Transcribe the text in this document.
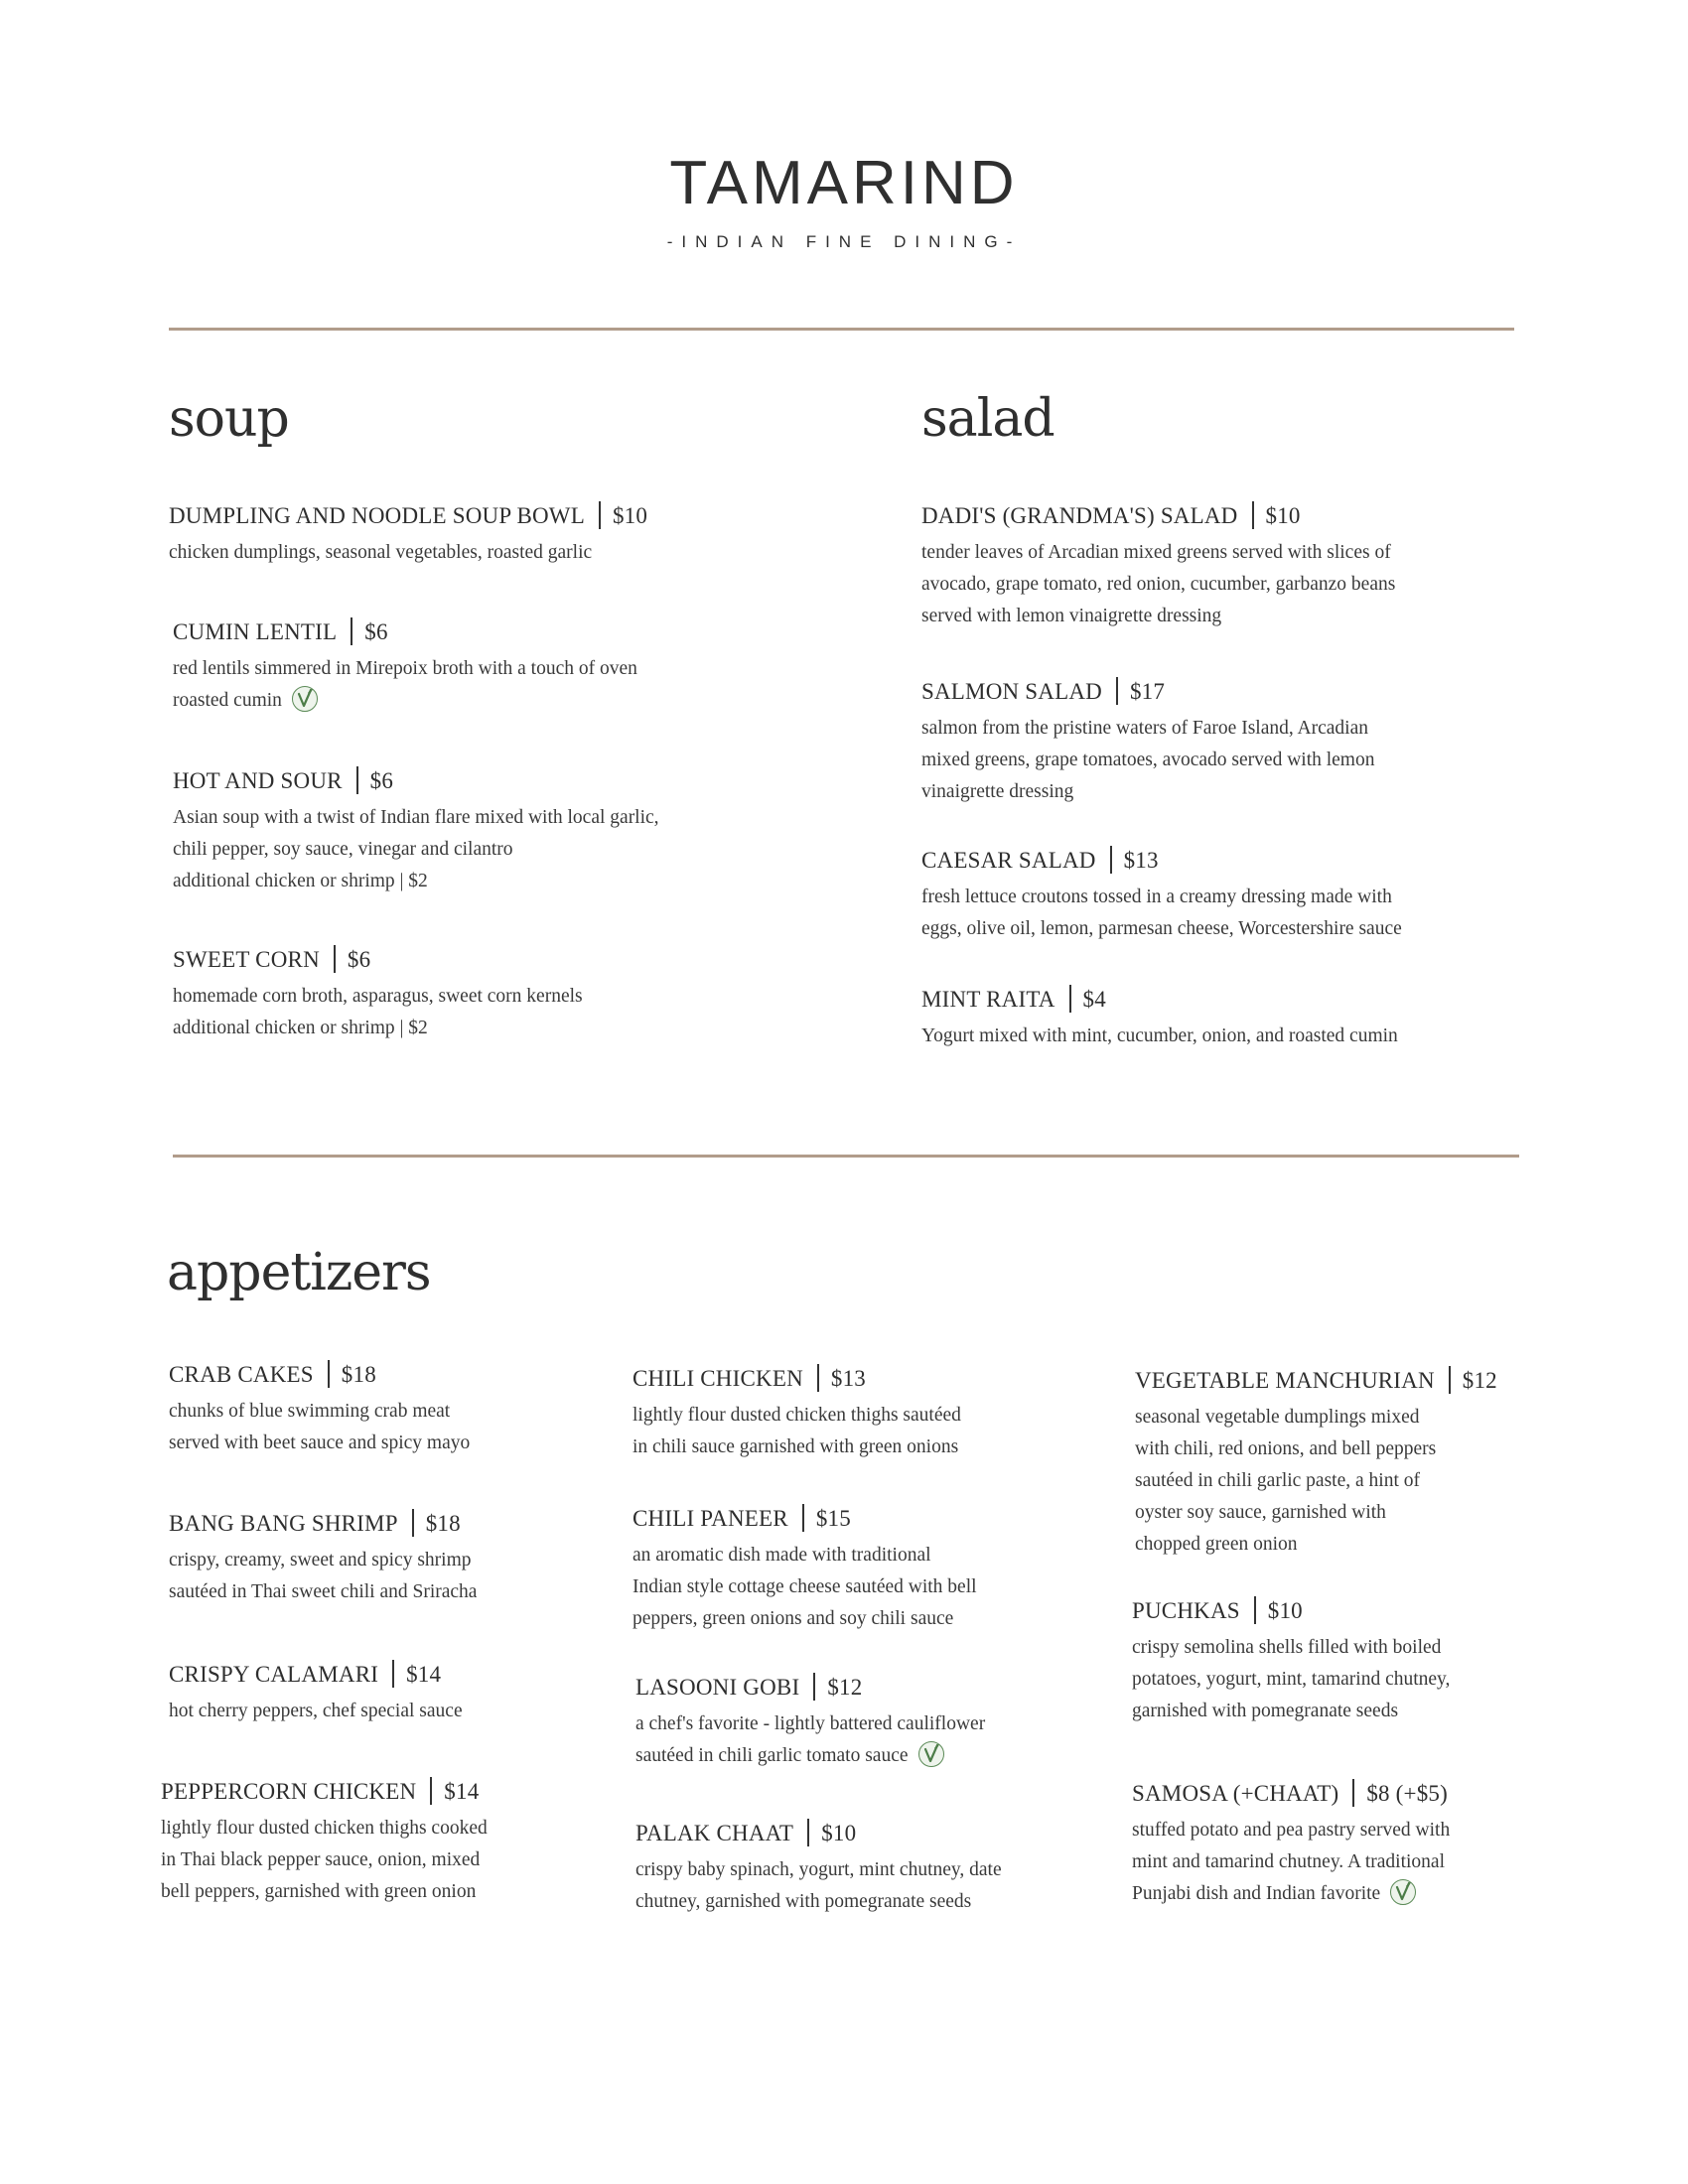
TAMARIND
-INDIAN FINE DINING-
soup
DUMPLING AND NOODLE SOUP BOWL $10
chicken dumplings, seasonal vegetables, roasted garlic
CUMIN LENTIL $6
red lentils simmered in Mirepoix broth with a touch of oven
roasted cumin
HOT AND SOUR $6
Asian soup with a twist of Indian flare mixed with local garlic,
chili pepper, soy sauce, vinegar and cilantro
additional chicken or shrimp | $2
SWEET CORN $6
homemade corn broth, asparagus, sweet corn kernels
additional chicken or shrimp | $2
salad
DADI'S (GRANDMA'S) SALAD $10
tender leaves of Arcadian mixed greens served with slices of
avocado, grape tomato, red onion, cucumber, garbanzo beans
served with lemon vinaigrette dressing
SALMON SALAD $17
salmon from the pristine waters of Faroe Island, Arcadian
mixed greens, grape tomatoes, avocado served with lemon
vinaigrette dressing
CAESAR SALAD $13
fresh lettuce croutons tossed in a creamy dressing made with
eggs, olive oil, lemon, parmesan cheese, Worcestershire sauce
MINT RAITA $4
Yogurt mixed with mint, cucumber, onion, and roasted cumin
appetizers
CRAB CAKES $18
chunks of blue swimming crab meat
served with beet sauce and spicy mayo
BANG BANG SHRIMP $18
crispy, creamy, sweet and spicy shrimp
sautéed in Thai sweet chili and Sriracha
CRISPY CALAMARI $14
hot cherry peppers, chef special sauce
PEPPERCORN CHICKEN $14
lightly flour dusted chicken thighs cooked
in Thai black pepper sauce, onion, mixed
bell peppers, garnished with green onion
CHILI CHICKEN $13
lightly flour dusted chicken thighs sautéed
in chili sauce garnished with green onions
CHILI PANEER $15
an aromatic dish made with traditional
Indian style cottage cheese sautéed with bell
peppers, green onions and soy chili sauce
LASOONI GOBI $12
a chef's favorite - lightly battered cauliflower
sautéed in chili garlic tomato sauce
PALAK CHAAT $10
crispy baby spinach, yogurt, mint chutney, date
chutney, garnished with pomegranate seeds
VEGETABLE MANCHURIAN $12
seasonal vegetable dumplings mixed
with chili, red onions, and bell peppers
sautéed in chili garlic paste, a hint of
oyster soy sauce, garnished with
chopped green onion
PUCHKAS $10
crispy semolina shells filled with boiled
potatoes, yogurt, mint, tamarind chutney,
garnished with pomegranate seeds
SAMOSA (+CHAAT) $8 (+$5)
stuffed potato and pea pastry served with
mint and tamarind chutney. A traditional
Punjabi dish and Indian favorite
